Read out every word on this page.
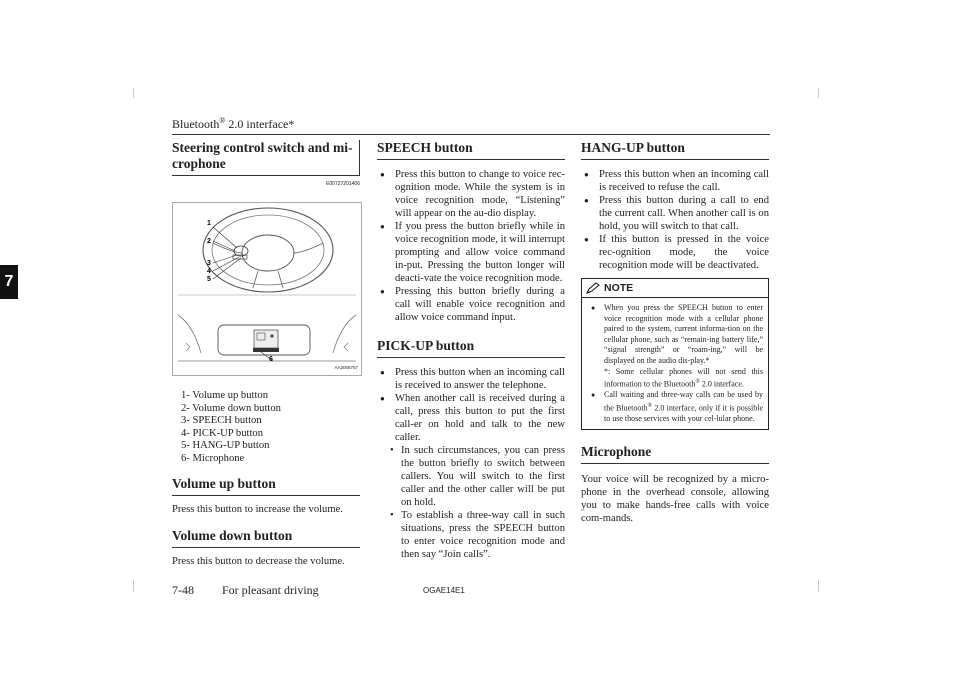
Bluetooth® 2.0 interface*
7
Steering control switch and mi-crophone
E00727201406
1
2
3
4
5
6
AA3008757
1- Volume up button
2- Volume down button
3- SPEECH button
4- PICK-UP button
5- HANG-UP button
6- Microphone
Volume up button

Press this button to increase the volume.

Volume down button

Press this button to decrease the volume.

SPEECH button
● Press this button to change to voice rec-ognition mode. While the system is in voice recognition mode, “Listening” will appear on the au-dio display.
● If you press the button briefly while in voice recognition mode, it will interrupt prompting and allow voice command in-put. Pressing the button longer will deacti-vate the voice recognition mode.
● Pressing this button briefly during a call will enable voice recognition and allow voice command input.
PICK-UP button
● Press this button when an incoming call is received to answer the telephone.
● When another call is received during a call, press this button to put the first call-er on hold and talk to the new caller.
• In such circumstances, you can press the button briefly to switch between callers. You will switch to the first caller and the other caller will be put on hold.
• To establish a three-way call in such situations, press the SPEECH button to enter voice recognition mode and then say “Join calls”.
HANG-UP button
● Press this button when an incoming call is received to refuse the call.
● Press this button during a call to end the current call. When another call is on hold, you will switch to that call.
● If this button is pressed in the voice rec-ognition mode, the voice recognition mode will be deactivated.
NOTE
● When you press the SPEECH button to enter voice recognition mode with a cellular phone paired to the system, current informa-tion on the cellular phone, such as “remain-ing battery life,” “signal strength” or “roam-ing,” will be displayed on the audio dis-play.*
*: Some cellular phones will not send this information to the Bluetooth® 2.0 interface.
● Call waiting and three-way calls can be used by the Bluetooth® 2.0 interface, only if it is possible to use those services with your cel-lular phone.
Microphone

Your voice will be recognized by a micro-phone in the overhead console, allowing you to make hands-free calls with voice com-mands.

7-48 For pleasant driving	OGAE14E1
